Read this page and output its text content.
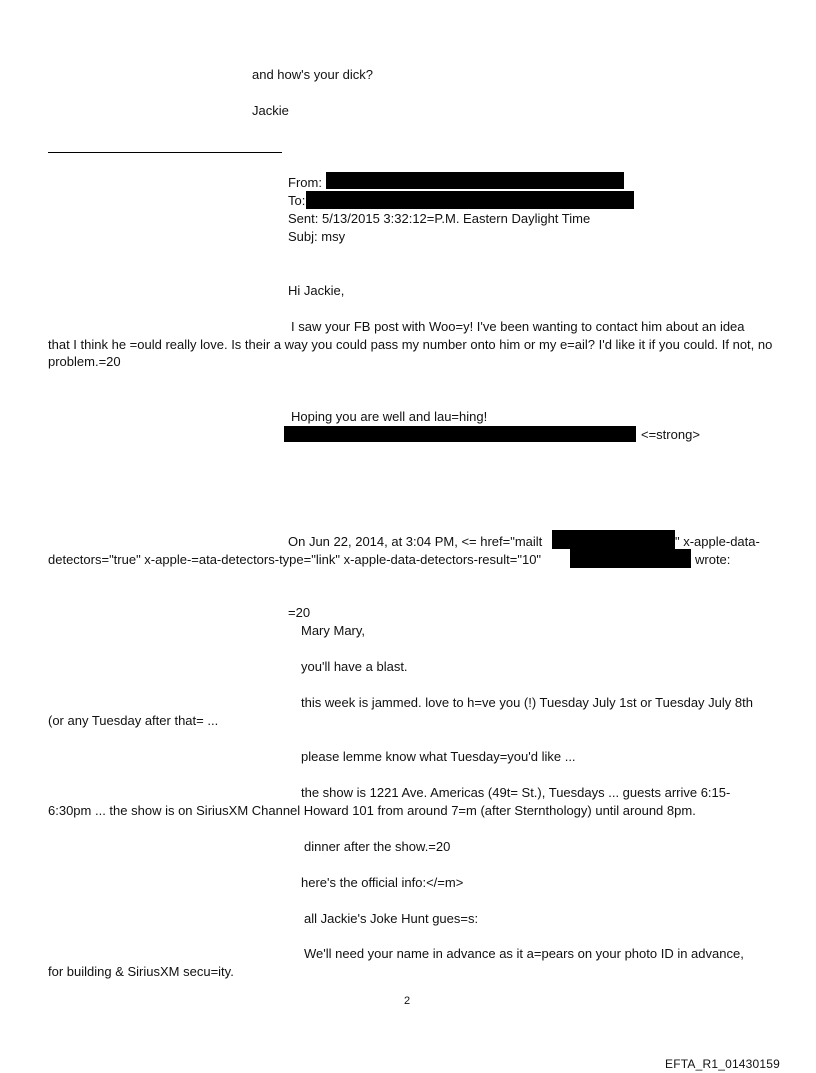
and how's your dick?
Jackie
From:
To:
Sent: 5/13/2015 3:32:12=P.M. Eastern Daylight Time
Subj: msy
Hi Jackie,
I saw your FB post with Woo=y! I've been wanting to contact him about an idea
that I think he =ould really love. Is their a way you could pass my number onto him or my e=ail? I'd like it if you could. If not, no problem.=20
Hoping you are well and lau=hing!
<=strong>
On Jun 22, 2014, at 3:04 PM, <= href="mailt	" x-apple-data-
detectors="true" x-apple-=ata-detectors-type="link" x-apple-data-detectors-result="10"	wrote:
=20
Mary Mary,
you'll have a blast.
this week is jammed. love to h=ve you (!) Tuesday July 1st or Tuesday July 8th
(or any Tuesday after that= ...
please lemme know what Tuesday=you'd like ...
the show is 1221 Ave. Americas (49t= St.), Tuesdays ... guests arrive 6:15-
6:30pm ... the show is on SiriusXM Channel Howard 101 from around 7=m (after Sternthology) until around 8pm.
dinner after the show.=20
here's the official info:</=m>
all Jackie's Joke Hunt gues=s:
We'll need your name in advance as it a=pears on your photo ID in advance,
for building & SiriusXM secu=ity.
2
EFTA_R1_01430159
